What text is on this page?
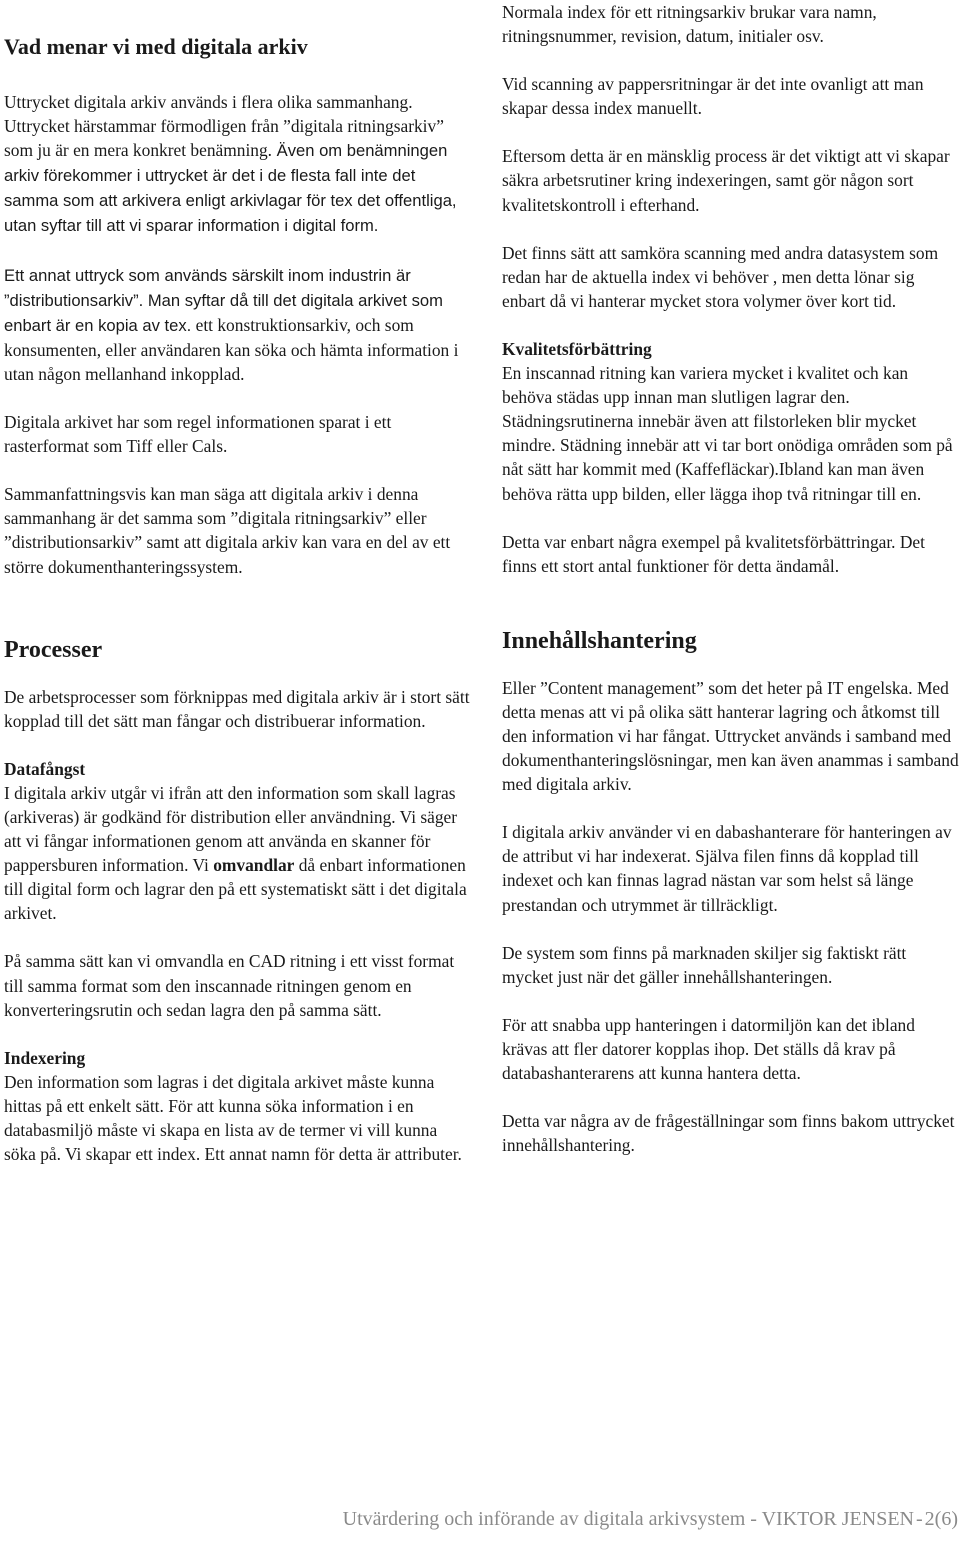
Vad menar vi med digitala arkiv

Uttrycket digitala arkiv används i flera olika sammanhang. Uttrycket härstammar förmodligen från ”digitala ritningsarkiv” som ju är en mera konkret benämning. Även om benämningen arkiv förekommer i uttrycket är det i de flesta fall inte det samma som att arkivera enligt arkivlagar för tex det offentliga, utan syftar till att vi sparar information i digital form.

Ett annat uttryck som används särskilt inom industrin är ”distributionsarkiv”. Man syftar då till det digitala arkivet som enbart är en kopia av tex. ett konstruktionsarkiv, och som konsumenten, eller användaren kan söka och hämta information i utan någon mellanhand inkopplad.

Digitala arkivet har som regel informationen sparat i ett rasterformat som Tiff eller Cals.

Sammanfattningsvis kan man säga att digitala arkiv i denna sammanhang är det samma som ”digitala ritningsarkiv” eller ”distributionsarkiv” samt att digitala arkiv kan vara en del av ett större dokumenthanteringssystem.

Processer

De arbetsprocesser som förknippas med digitala arkiv är i stort sätt kopplad till det sätt man fångar och distribuerar information.

Datafångst
I digitala arkiv utgår vi ifrån att den information som skall lagras (arkiveras) är godkänd för distribution eller användning. Vi säger att vi fångar informationen genom att använda en skanner för pappersburen information. Vi omvandlar då enbart informationen till digital form och lagrar den på ett systematiskt sätt i det digitala arkivet.

På samma sätt kan vi omvandla en CAD ritning i ett visst format till samma format som den inscannade ritningen genom en konverteringsrutin och sedan lagra den på samma sätt.

Indexering
Den information som lagras i det digitala arkivet måste kunna hittas på ett enkelt sätt. För att kunna söka information i en databasmiljö måste vi skapa en lista av de termer vi vill kunna söka på. Vi skapar ett index. Ett annat namn för detta är attributer.

Normala index för ett ritningsarkiv brukar vara namn, ritningsnummer, revision, datum, initialer osv.

Vid scanning av pappersritningar är det inte ovanligt att man skapar dessa index manuellt.

Eftersom detta är en mänsklig process är det viktigt att vi skapar säkra arbetsrutiner kring indexeringen, samt gör någon sort kvalitetskontroll i efterhand.

Det finns sätt att samköra scanning med andra datasystem som redan har de aktuella index vi behöver , men detta lönar sig enbart då vi hanterar mycket stora volymer över kort tid.

Kvalitetsförbättring
En inscannad ritning kan variera mycket i kvalitet och kan behöva städas upp innan man slutligen lagrar den. Städningsrutinerna innebär även att filstorleken blir mycket mindre. Städning innebär att vi tar bort onödiga områden som på nåt sätt har kommit med (Kaffefläckar).Ibland kan man även behöva rätta upp bilden, eller lägga ihop två ritningar till en.

Detta var enbart några exempel på kvalitetsförbättringar. Det finns ett stort antal funktioner för detta ändamål.

Innehållshantering

Eller ”Content management” som det heter på IT engelska. Med detta menas att vi på olika sätt hanterar lagring och åtkomst till den information vi har fångat. Uttrycket används i samband med dokumenthanteringslösningar, men kan även anammas i samband med digitala arkiv.

I digitala arkiv använder vi en dabashanterare för hanteringen av de attribut vi har indexerat. Själva filen finns då kopplad till indexet och kan finnas lagrad nästan var som helst så länge prestandan och utrymmet är tillräckligt.

De system som finns på marknaden skiljer sig faktiskt rätt mycket just när det gäller innehållshanteringen.

För att snabba upp hanteringen i datormiljön kan det ibland krävas att fler datorer kopplas ihop. Det ställs då krav på databashanterarens att kunna hantera detta.

Detta var några av de frågeställningar som finns bakom uttrycket innehållshantering.

Utvärdering och införande av digitala arkivsystem - VIKTOR JENSEN - 2(6)
